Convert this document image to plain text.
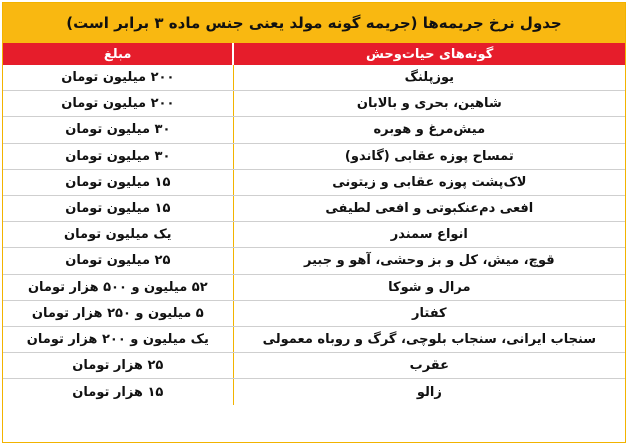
جدول نرخ جریمه‌ها (جریمه گونه مولد یعنی جنس ماده ۳ برابر است)
گونه‌های حیات‌وحش
مبلغ
یوزپلنگ
۲۰۰ میلیون تومان
شاهین، بحری و بالابان
۲۰۰ میلیون تومان
میش‌مرغ و هوبره
۳۰ میلیون تومان
تمساح پوزه عقابی (گاندو)
۳۰ میلیون تومان
لاک‌پشت پوزه عقابی و زیتونی
۱۵ میلیون تومان
افعی دم‌عنکبوتی و افعی لطیفی
۱۵ میلیون تومان
انواع سمندر
یک میلیون تومان
قوچ، میش، کل و بز وحشی، آهو و جبیر
۲۵ میلیون تومان
مرال و شوکا
۵۲ میلیون و ۵۰۰ هزار تومان
کفتار
۵ میلیون و ۲۵۰ هزار تومان
سنجاب ایرانی، سنجاب بلوچی، گرگ و روباه معمولی
یک میلیون و ۲۰۰ هزار تومان
عقرب
۲۵ هزار تومان
زالو
۱۵ هزار تومان
